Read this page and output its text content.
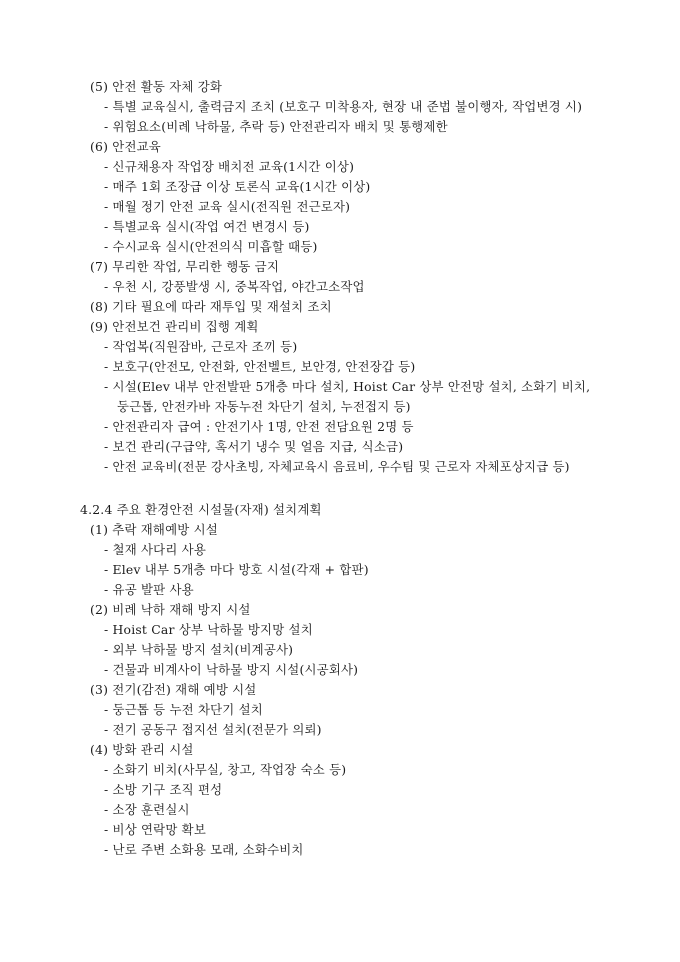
(5) 안전 활동 자체 강화
- 특별 교육실시, 출력금지 조치 (보호구 미착용자, 현장 내 준법 불이행자, 작업변경 시)
- 위험요소(비례 낙하물, 추락 등) 안전관리자 배치 및 통행제한
(6) 안전교육
- 신규채용자 작업장 배치전 교육(1시간 이상)
- 매주 1회 조장급 이상 토론식 교육(1시간 이상)
- 매월 정기 안전 교육 실시(전직원 전근로자)
- 특별교육 실시(작업 여건 변경시 등)
- 수시교육 실시(안전의식 미흡할 때등)
(7) 무리한 작업, 무리한 행동 금지
- 우천 시, 강풍발생 시, 중복작업, 야간고소작업
(8) 기타 필요에 따라 재투입 및 재설치 조치
(9) 안전보건 관리비 집행 계획
- 작업복(직원잠바, 근로자 조끼 등)
- 보호구(안전모, 안전화, 안전벨트, 보안경, 안전장갑 등)
- 시설(Elev 내부 안전발판 5개층 마다 설치, Hoist Car 상부 안전망 설치, 소화기 비치,
둥근톱, 안전카바 자동누전 차단기 설치, 누전접지 등)
- 안전관리자 급여 : 안전기사 1명, 안전 전담요원 2명 등
- 보건 관리(구급약, 혹서기 냉수 및 얼음 지급, 식소금)
- 안전 교육비(전문 강사초빙, 자체교육시 음료비, 우수팀 및 근로자 자체포상지급 등)
4.2.4 주요 환경안전 시설물(자재) 설치계획
(1) 추락 재해예방 시설
- 철재 사다리 사용
- Elev 내부 5개층 마다 방호 시설(각재 + 합판)
- 유공 발판 사용
(2) 비례 낙하 재해 방지 시설
- Hoist Car 상부 낙하물 방지망 설치
- 외부 낙하물 방지 설치(비계공사)
- 건물과 비계사이 낙하물 방지 시설(시공회사)
(3) 전기(감전) 재해 예방 시설
- 둥근톱 등 누전 차단기 설치
- 전기 공동구 접지선 설치(전문가 의뢰)
(4) 방화 관리 시설
- 소화기 비치(사무실, 창고, 작업장 숙소 등)
- 소방 기구 조직 편성
- 소장 훈련실시
- 비상 연락망 확보
- 난로 주변 소화용 모래, 소화수비치
